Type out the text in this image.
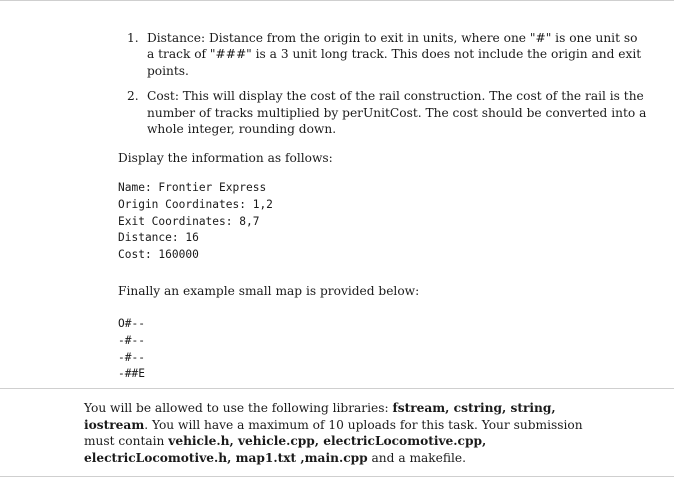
1. Distance: Distance from the origin to exit in units, where one "#" is one unit so a track of "###" is a 3 unit long track. This does not include the origin and exit points.
2. Cost: This will display the cost of the rail construction. The cost of the rail is the number of tracks multiplied by perUnitCost. The cost should be converted into a whole integer, rounding down.

Display the information as follows:

Name: Frontier Express
Origin Coordinates: 1,2
Exit Coordinates: 8,7
Distance: 16
Cost: 160000

Finally an example small map is provided below:

O#--
-#--
-#--
-##E

You will be allowed to use the following libraries: fstream, cstring, string, iostream. You will have a maximum of 10 uploads for this task. Your submission must contain vehicle.h, vehicle.cpp, electricLocomotive.cpp, electricLocomotive.h, map1.txt ,main.cpp and a makefile.
